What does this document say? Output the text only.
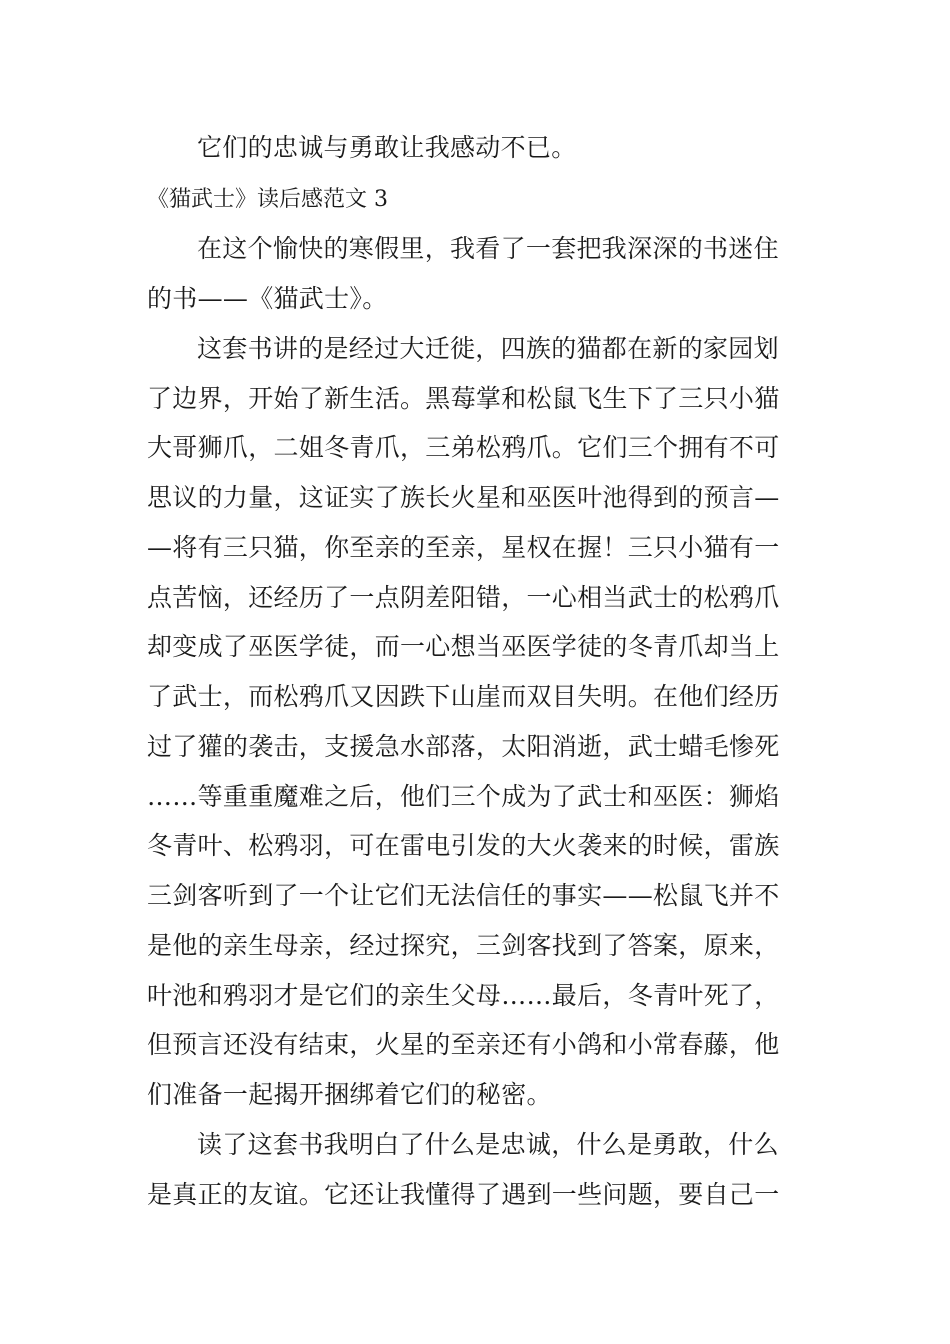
它们的忠诚与勇敢让我感动不已。
《猫武士》读后感范文 3
在这个愉快的寒假里，我看了一套把我深深的书迷住
的书——《猫武士》。
这套书讲的是经过大迁徙，四族的猫都在新的家园划
了边界，开始了新生活。黑莓掌和松鼠飞生下了三只小猫
大哥狮爪，二姐冬青爪，三弟松鸦爪。它们三个拥有不可
思议的力量，这证实了族长火星和巫医叶池得到的预言—
—将有三只猫，你至亲的至亲，星权在握！三只小猫有一
点苦恼，还经历了一点阴差阳错，一心相当武士的松鸦爪
却变成了巫医学徒，而一心想当巫医学徒的冬青爪却当上
了武士，而松鸦爪又因跌下山崖而双目失明。在他们经历
过了獾的袭击，支援急水部落，太阳消逝，武士蜡毛惨死
……等重重魔难之后，他们三个成为了武士和巫医：狮焰
冬青叶、松鸦羽，可在雷电引发的大火袭来的时候，雷族
三剑客听到了一个让它们无法信任的事实——松鼠飞并不
是他的亲生母亲，经过探究，三剑客找到了答案，原来，
叶池和鸦羽才是它们的亲生父母……最后，冬青叶死了，
但预言还没有结束，火星的至亲还有小鸽和小常春藤，他
们准备一起揭开捆绑着它们的秘密。
读了这套书我明白了什么是忠诚，什么是勇敢，什么
是真正的友谊。它还让我懂得了遇到一些问题，要自己一
